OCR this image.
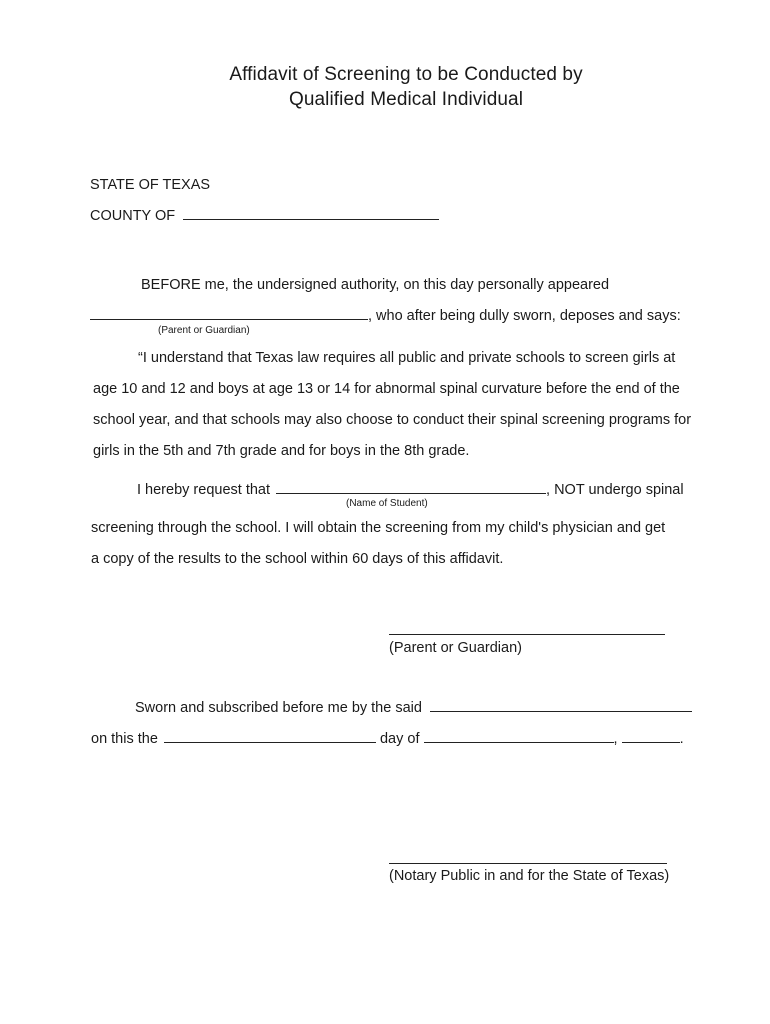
Affidavit of Screening to be Conducted by
Qualified Medical Individual
STATE OF TEXAS
COUNTY OF
BEFORE me, the undersigned authority, on this day personally appeared
, who after being dully sworn, deposes and says:
(Parent or Guardian)
“I understand that Texas law requires all public and private schools to screen girls at
age 10 and 12 and boys at age 13 or 14 for abnormal spinal curvature before the end of the
school year, and that schools may also choose to conduct their spinal screening programs for
girls in the 5th and 7th grade and for boys in the 8th grade.
I hereby request that	, NOT undergo spinal
(Name of Student)
screening through the school. I will obtain the screening from my child's physician and get
a copy of the results to the school within 60 days of this affidavit.
(Parent or Guardian)
Sworn and subscribed before me by the said
on this the	day of	,	.
(Notary Public in and for the State of Texas)
